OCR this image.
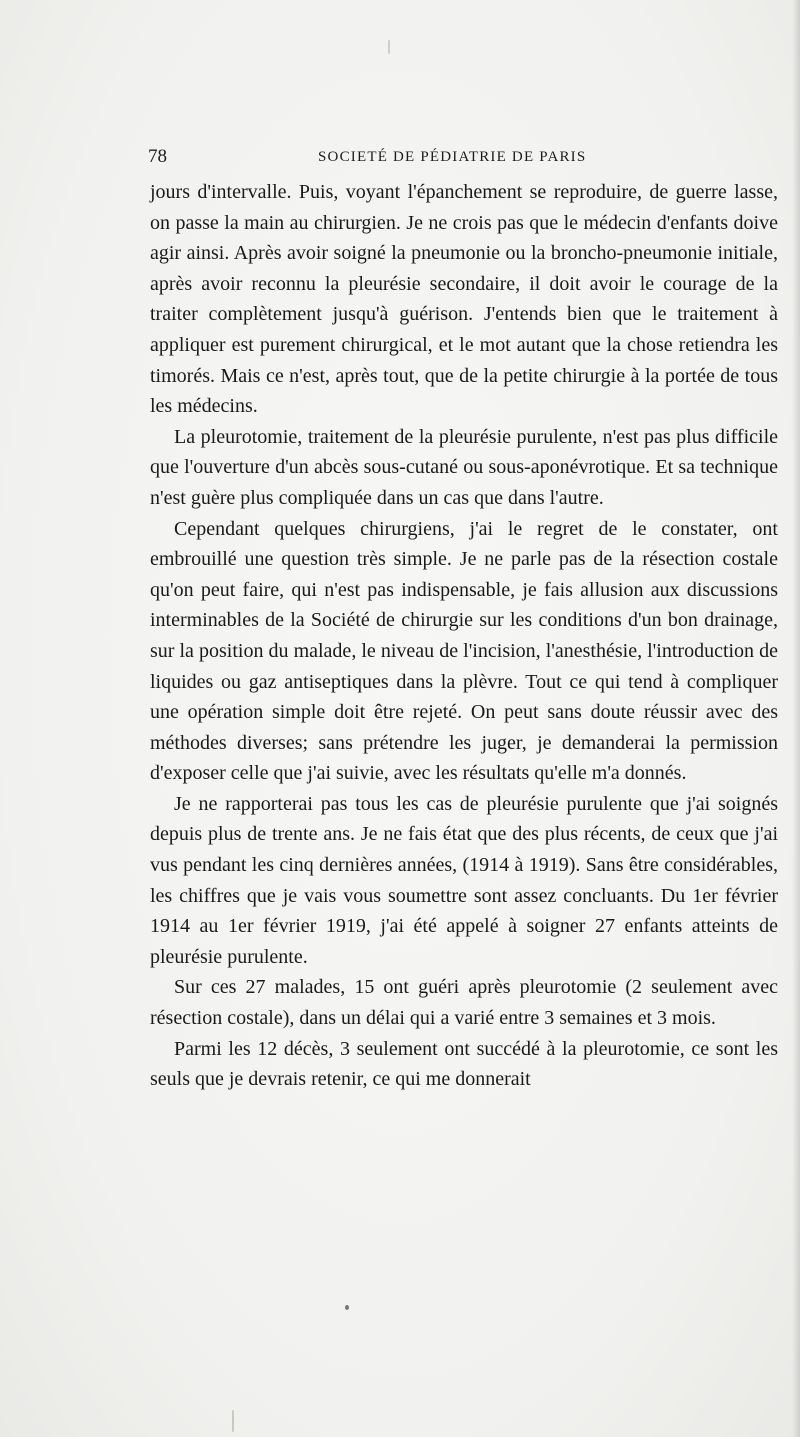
78	SOCIETÉ DE PÉDIATRIE DE PARIS

jours d'intervalle. Puis, voyant l'épanchement se reproduire, de guerre lasse, on passe la main au chirurgien. Je ne crois pas que le médecin d'enfants doive agir ainsi. Après avoir soigné la pneumonie ou la broncho-pneumonie initiale, après avoir reconnu la pleurésie secondaire, il doit avoir le courage de la traiter complètement jusqu'à guérison. J'entends bien que le traitement à appliquer est purement chirurgical, et le mot autant que la chose retiendra les timorés. Mais ce n'est, après tout, que de la petite chirurgie à la portée de tous les médecins.

La pleurotomie, traitement de la pleurésie purulente, n'est pas plus difficile que l'ouverture d'un abcès sous-cutané ou sous-aponévrotique. Et sa technique n'est guère plus compliquée dans un cas que dans l'autre.

Cependant quelques chirurgiens, j'ai le regret de le constater, ont embrouillé une question très simple. Je ne parle pas de la résection costale qu'on peut faire, qui n'est pas indispensable, je fais allusion aux discussions interminables de la Société de chirurgie sur les conditions d'un bon drainage, sur la position du malade, le niveau de l'incision, l'anesthésie, l'introduction de liquides ou gaz antiseptiques dans la plèvre. Tout ce qui tend à compliquer une opération simple doit être rejeté. On peut sans doute réussir avec des méthodes diverses; sans prétendre les juger, je demanderai la permission d'exposer celle que j'ai suivie, avec les résultats qu'elle m'a donnés.

Je ne rapporterai pas tous les cas de pleurésie purulente que j'ai soignés depuis plus de trente ans. Je ne fais état que des plus récents, de ceux que j'ai vus pendant les cinq dernières années, (1914 à 1919). Sans être considérables, les chiffres que je vais vous soumettre sont assez concluants. Du 1er février 1914 au 1er février 1919, j'ai été appelé à soigner 27 enfants atteints de pleurésie purulente.

Sur ces 27 malades, 15 ont guéri après pleurotomie (2 seulement avec résection costale), dans un délai qui a varié entre 3 semaines et 3 mois.

Parmi les 12 décès, 3 seulement ont succédé à la pleurotomie, ce sont les seuls que je devrais retenir, ce qui me donnerait
